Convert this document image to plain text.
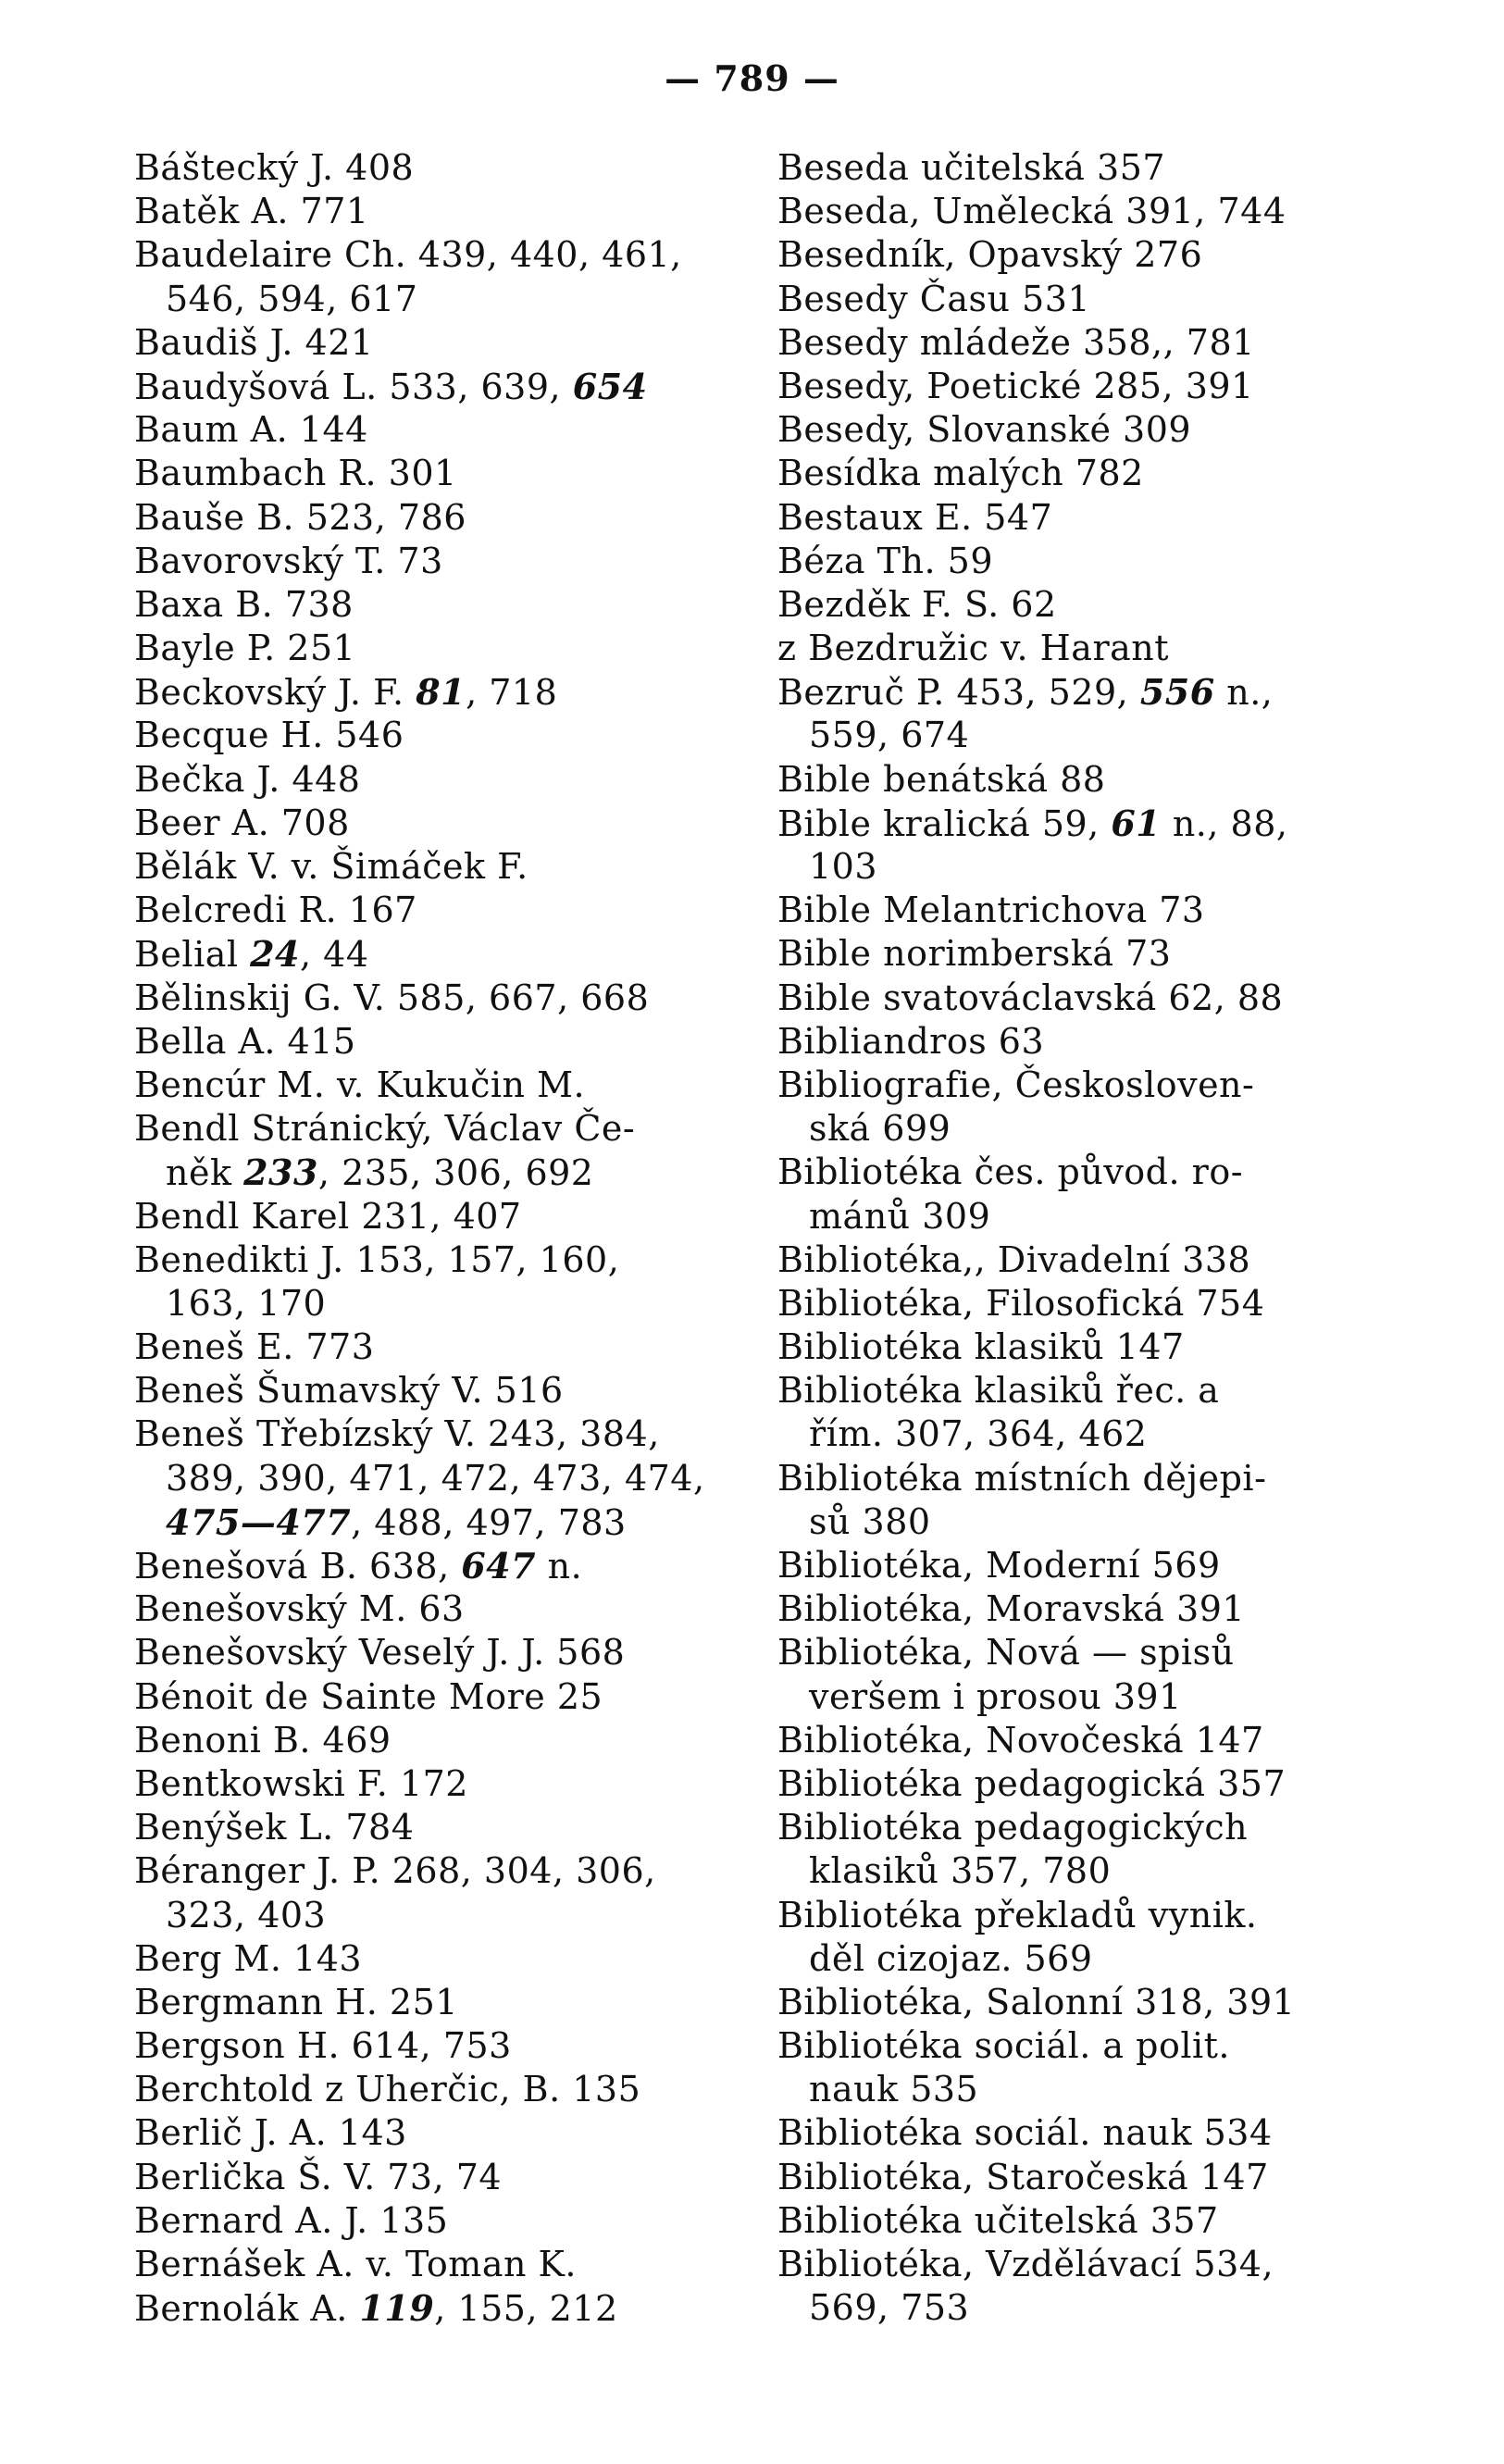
— 789 —
Báštecký J. 408
Batěk A. 771
Baudelaire Ch. 439, 440, 461,
546, 594, 617
Baudiš J. 421
Baudyšová L. 533, 639, 654
Baum A. 144
Baumbach R. 301
Bauše B. 523, 786
Bavorovský T. 73
Baxa B. 738
Bayle P. 251
Beckovský J. F. 81, 718
Becque H. 546
Bečka J. 448
Beer A. 708
Bělák V. v. Šimáček F.
Belcredi R. 167
Belial 24, 44
Bělinskij G. V. 585, 667, 668
Bella A. 415
Bencúr M. v. Kukučin M.
Bendl Stránický, Václav Če-
něk 233, 235, 306, 692
Bendl Karel 231, 407
Benedikti J. 153, 157, 160,
163, 170
Beneš E. 773
Beneš Šumavský V. 516
Beneš Třebízský V. 243, 384,
389, 390, 471, 472, 473, 474,
475—477, 488, 497, 783
Benešová B. 638, 647 n.
Benešovský M. 63
Benešovský Veselý J. J. 568
Bénoit de Sainte More 25
Benoni B. 469
Bentkowski F. 172
Benýšek L. 784
Béranger J. P. 268, 304, 306,
323, 403
Berg M. 143
Bergmann H. 251
Bergson H. 614, 753
Berchtold z Uherčic, B. 135
Berlič J. A. 143
Berlička Š. V. 73, 74
Bernard A. J. 135
Bernášek A. v. Toman K.
Bernolák A. 119, 155, 212
Beseda učitelská 357
Beseda, Umělecká 391, 744
Besedník, Opavský 276
Besedy Času 531
Besedy mládeže 358,, 781
Besedy, Poetické 285, 391
Besedy, Slovanské 309
Besídka malých 782
Bestaux E. 547
Béza Th. 59
Bezděk F. S. 62
z Bezdružic v. Harant
Bezruč P. 453, 529, 556 n.,
559, 674
Bible benátská 88
Bible kralická 59, 61 n., 88,
103
Bible Melantrichova 73
Bible norimberská 73
Bible svatováclavská 62, 88
Bibliandros 63
Bibliografie, Českosloven-
ská 699
Bibliotéka čes. původ. ro-
mánů 309
Bibliotéka,, Divadelní 338
Bibliotéka, Filosofická 754
Bibliotéka klasiků 147
Bibliotéka klasiků řec. a
řím. 307, 364, 462
Bibliotéka místních dějepi-
sů 380
Bibliotéka, Moderní 569
Bibliotéka, Moravská 391
Bibliotéka, Nová — spisů
veršem i prosou 391
Bibliotéka, Novočeská 147
Bibliotéka pedagogická 357
Bibliotéka pedagogických
klasiků 357, 780
Bibliotéka překladů vynik.
děl cizojaz. 569
Bibliotéka, Salonní 318, 391
Bibliotéka sociál. a polit.
nauk 535
Bibliotéka sociál. nauk 534
Bibliotéka, Staročeská 147
Bibliotéka učitelská 357
Bibliotéka, Vzdělávací 534,
569, 753
